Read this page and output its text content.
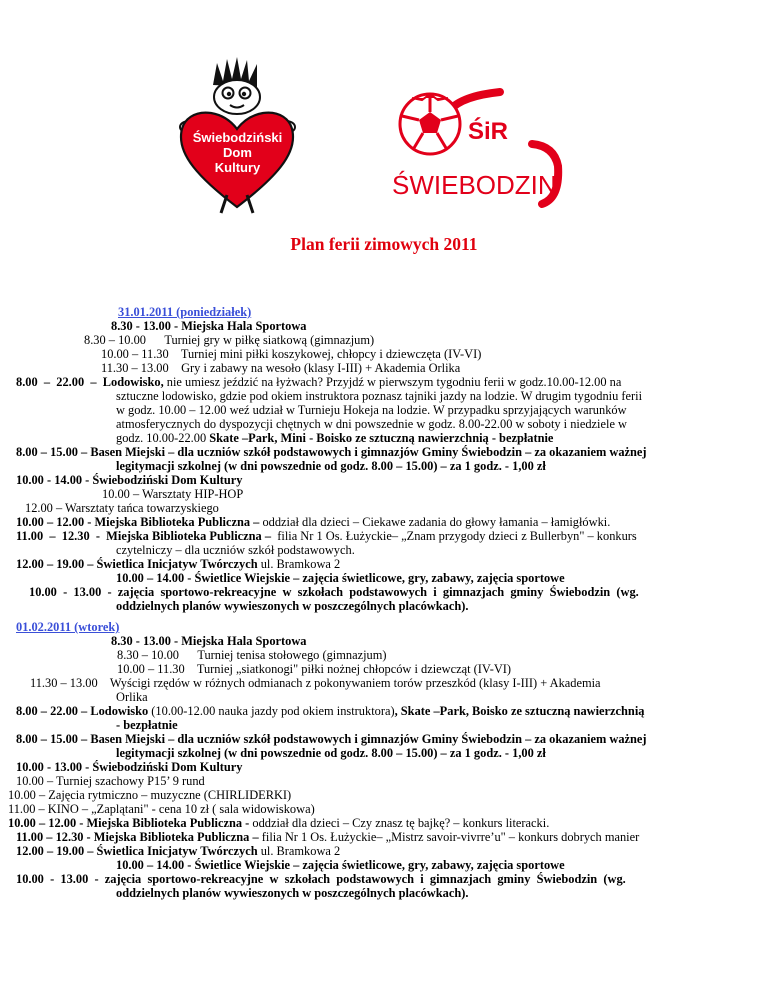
Świebodziński
Dom
Kultury
ŚiR
ŚWIEBODZIN
Plan ferii zimowych 2011
31.01.2011 (poniedziałek)
8.30 - 13.00 - Miejska Hala Sportowa
8.30 – 10.00      Turniej gry w piłkę siatkową (gimnazjum)
10.00 – 11.30    Turniej mini piłki koszykowej, chłopcy i dziewczęta (IV-VI)
11.30 – 13.00    Gry i zabawy na wesoło (klasy I-III) + Akademia Orlika
8.00  –  22.00  –  Lodowisko, nie umiesz jeździć na łyżwach? Przyjdź w pierwszym tygodniu ferii w godz.10.00-12.00 na
sztuczne lodowisko, gdzie pod okiem instruktora poznasz tajniki jazdy na lodzie. W drugim tygodniu ferii
w godz. 10.00 – 12.00 weź udział w Turnieju Hokeja na lodzie. W przypadku sprzyjających warunków
atmosferycznych do dyspozycji chętnych w dni powszednie w godz. 8.00-22.00 w soboty i niedziele w
godz. 10.00-22.00 Skate –Park, Mini - Boisko ze sztuczną nawierzchnią - bezpłatnie
8.00 – 15.00 – Basen Miejski – dla uczniów szkół podstawowych i gimnazjów Gminy Świebodzin – za okazaniem ważnej
legitymacji szkolnej (w dni powszednie od godz. 8.00 – 15.00) – za 1 godz. - 1,00 zł
10.00 - 14.00 - Świebodziński Dom Kultury
10.00 – Warsztaty HIP-HOP
12.00 – Warsztaty tańca towarzyskiego
10.00 – 12.00 - Miejska Biblioteka Publiczna – oddział dla dzieci – Ciekawe zadania do głowy łamania – łamigłówki.
11.00  –  12.30  -  Miejska Biblioteka Publiczna –  filia Nr 1 Os. Łużyckie– „Znam przygody dzieci z Bullerbyn" – konkurs
czytelniczy – dla uczniów szkół podstawowych.
12.00 – 19.00 – Świetlica Inicjatyw Twórczych ul. Bramkowa 2
10.00 – 14.00 - Świetlice Wiejskie – zajęcia świetlicowe, gry, zabawy, zajęcia sportowe
10.00  -  13.00  -  zajęcia  sportowo-rekreacyjne  w  szkołach  podstawowych  i  gimnazjach  gminy  Świebodzin  (wg.
oddzielnych planów wywieszonych w poszczególnych placówkach).
01.02.2011 (wtorek)
8.30 - 13.00 - Miejska Hala Sportowa
8.30 – 10.00      Turniej tenisa stołowego (gimnazjum)
10.00 – 11.30    Turniej „siatkonogi" piłki nożnej chłopców i dziewcząt (IV-VI)
11.30 – 13.00    Wyścigi rzędów w różnych odmianach z pokonywaniem torów przeszkód (klasy I-III) + Akademia
Orlika
8.00 – 22.00 – Lodowisko (10.00-12.00 nauka jazdy pod okiem instruktora), Skate –Park, Boisko ze sztuczną nawierzchnią
- bezpłatnie
8.00 – 15.00 – Basen Miejski – dla uczniów szkół podstawowych i gimnazjów Gminy Świebodzin – za okazaniem ważnej
legitymacji szkolnej (w dni powszednie od godz. 8.00 – 15.00) – za 1 godz. - 1,00 zł
10.00 - 13.00 - Świebodziński Dom Kultury
10.00 – Turniej szachowy P15’ 9 rund
10.00 – Zajęcia rytmiczno – muzyczne (CHIRLIDERKI)
11.00 – KINO – „Zaplątani" - cena 10 zł ( sala widowiskowa)
10.00 – 12.00 - Miejska Biblioteka Publiczna - oddział dla dzieci – Czy znasz tę bajkę? – konkurs literacki.
11.00 – 12.30 - Miejska Biblioteka Publiczna – filia Nr 1 Os. Łużyckie– „Mistrz savoir-vivrre’u" – konkurs dobrych manier
12.00 – 19.00 – Świetlica Inicjatyw Twórczych ul. Bramkowa 2
10.00 – 14.00 - Świetlice Wiejskie – zajęcia świetlicowe, gry, zabawy, zajęcia sportowe
10.00  -  13.00  -  zajęcia  sportowo-rekreacyjne  w  szkołach  podstawowych  i  gimnazjach  gminy  Świebodzin  (wg.
oddzielnych planów wywieszonych w poszczególnych placówkach).
